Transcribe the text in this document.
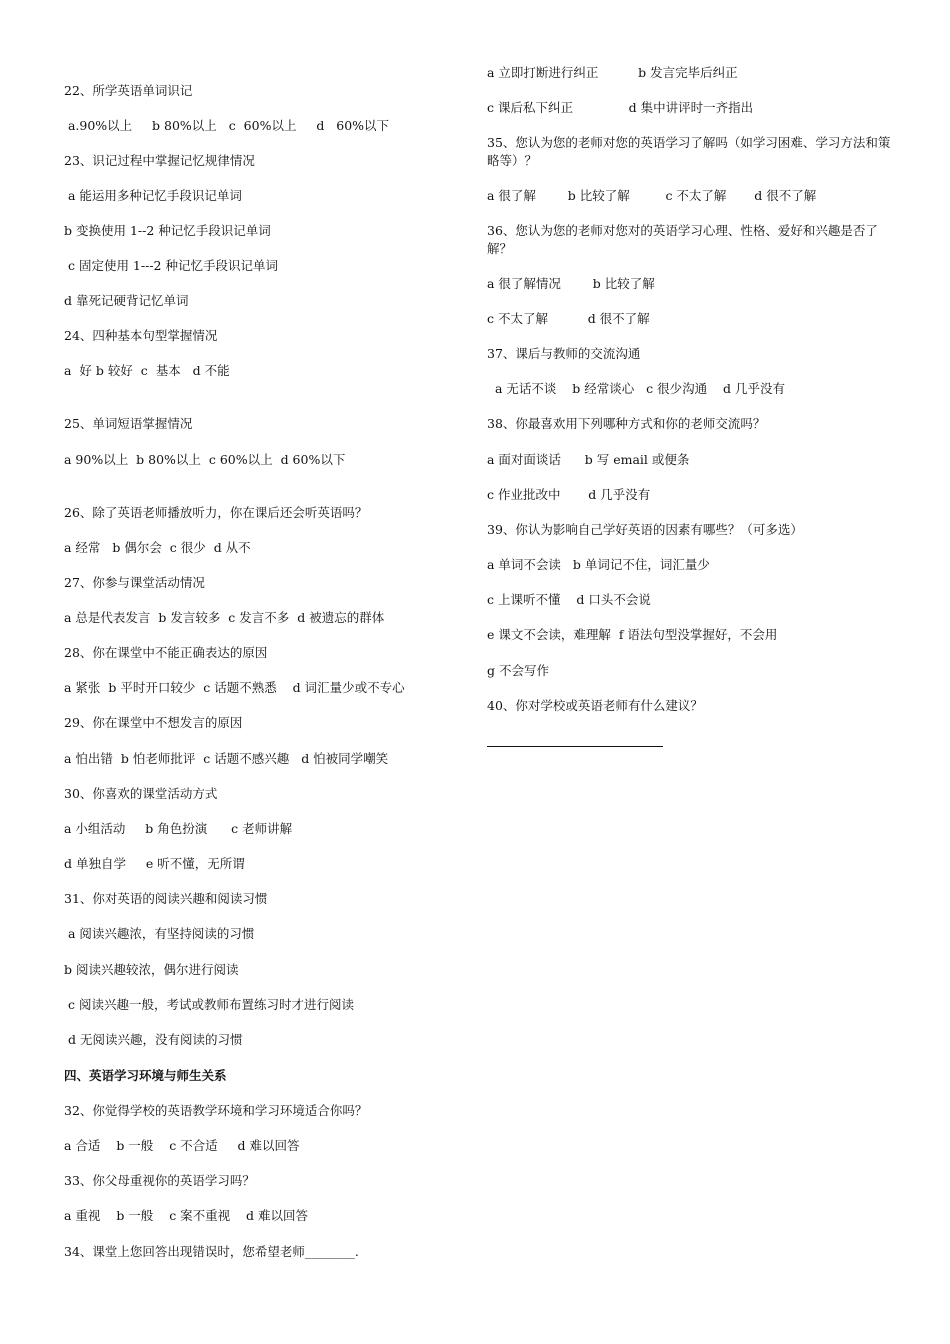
22、所学英语单词识记
a.90%以上     b 80%以上   c  60%以上     d   60%以下
23、识记过程中掌握记忆规律情况
a 能运用多种记忆手段识记单词
b 变换使用 1--2 种记忆手段识记单词
c 固定使用 1---2 种记忆手段识记单词
d 靠死记硬背记忆单词
24、四种基本句型掌握情况
a  好 b 较好  c  基本   d 不能
25、单词短语掌握情况
a 90%以上  b 80%以上  c 60%以上  d 60%以下
26、除了英语老师播放听力，你在课后还会听英语吗？
a 经常   b 偶尔会  c 很少  d 从不
27、你参与课堂活动情况
a 总是代表发言  b 发言较多  c 发言不多  d 被遗忘的群体
28、你在课堂中不能正确表达的原因
a 紧张  b 平时开口较少  c 话题不熟悉    d 词汇量少或不专心
29、你在课堂中不想发言的原因
a 怕出错  b 怕老师批评  c 话题不感兴趣   d 怕被同学嘲笑
30、你喜欢的课堂活动方式
a 小组活动     b 角色扮演      c 老师讲解
d 单独自学     e 听不懂，无所谓
31、你对英语的阅读兴趣和阅读习惯
a 阅读兴趣浓，有坚持阅读的习惯
b 阅读兴趣较浓，偶尔进行阅读
c 阅读兴趣一般，考试或教师布置练习时才进行阅读
d 无阅读兴趣，没有阅读的习惯
四、英语学习环境与师生关系
32、你觉得学校的英语教学环境和学习环境适合你吗？
a 合适    b 一般    c 不合适     d 难以回答
33、你父母重视你的英语学习吗？
a 重视    b 一般    c 案不重视    d 难以回答
34、课堂上您回答出现错误时，您希望老师________.
a 立即打断进行纠正          b 发言完毕后纠正
c 课后私下纠正              d 集中讲评时一齐指出
35、您认为您的老师对您的英语学习了解吗（如学习困难、学习方法和策略等）？
a 很了解        b 比较了解         c 不太了解       d 很不了解
36、您认为您的老师对您对的英语学习心理、性格、爱好和兴趣是否了解？
a 很了解情况        b 比较了解
c 不太了解          d 很不了解
37、课后与教师的交流沟通
a 无话不谈    b 经常谈心   c 很少沟通    d 几乎没有
38、你最喜欢用下列哪种方式和你的老师交流吗？
a 面对面谈话      b 写 email 或便条
c 作业批改中       d 几乎没有
39、你认为影响自己学好英语的因素有哪些？（可多选）
a 单词不会读   b 单词记不住，词汇量少
c 上课听不懂    d 口头不会说
e 课文不会读，难理解  f 语法句型没掌握好，不会用
g 不会写作
40、你对学校或英语老师有什么建议？
